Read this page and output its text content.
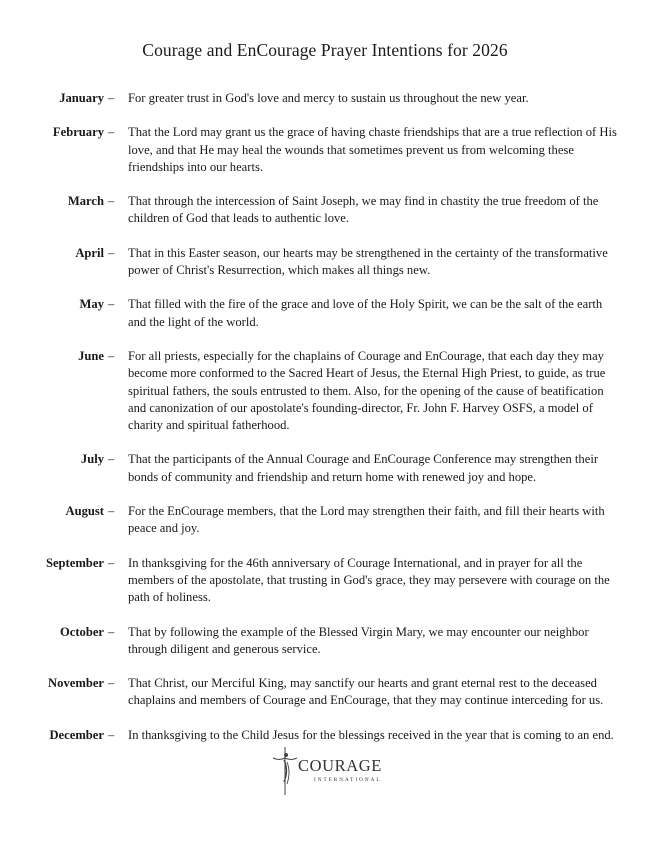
Courage and EnCourage Prayer Intentions for 2026
January – For greater trust in God's love and mercy to sustain us throughout the new year.
February – That the Lord may grant us the grace of having chaste friendships that are a true reflection of His love, and that He may heal the wounds that sometimes prevent us from welcoming these friendships into our hearts.
March – That through the intercession of Saint Joseph, we may find in chastity the true freedom of the children of God that leads to authentic love.
April – That in this Easter season, our hearts may be strengthened in the certainty of the transformative power of Christ's Resurrection, which makes all things new.
May – That filled with the fire of the grace and love of the Holy Spirit, we can be the salt of the earth and the light of the world.
June – For all priests, especially for the chaplains of Courage and EnCourage, that each day they may become more conformed to the Sacred Heart of Jesus, the Eternal High Priest, to guide, as true spiritual fathers, the souls entrusted to them. Also, for the opening of the cause of beatification and canonization of our apostolate's founding-director, Fr. John F. Harvey OSFS, a model of charity and spiritual fatherhood.
July – That the participants of the Annual Courage and EnCourage Conference may strengthen their bonds of community and friendship and return home with renewed joy and hope.
August – For the EnCourage members, that the Lord may strengthen their faith, and fill their hearts with peace and joy.
September – In thanksgiving for the 46th anniversary of Courage International, and in prayer for all the members of the apostolate, that trusting in God's grace, they may persevere with courage on the path of holiness.
October – That by following the example of the Blessed Virgin Mary, we may encounter our neighbor through diligent and generous service.
November – That Christ, our Merciful King, may sanctify our hearts and grant eternal rest to the deceased chaplains and members of Courage and EnCourage, that they may continue interceding for us.
December – In thanksgiving to the Child Jesus for the blessings received in the year that is coming to an end.
COURAGE
INTERNATIONAL
